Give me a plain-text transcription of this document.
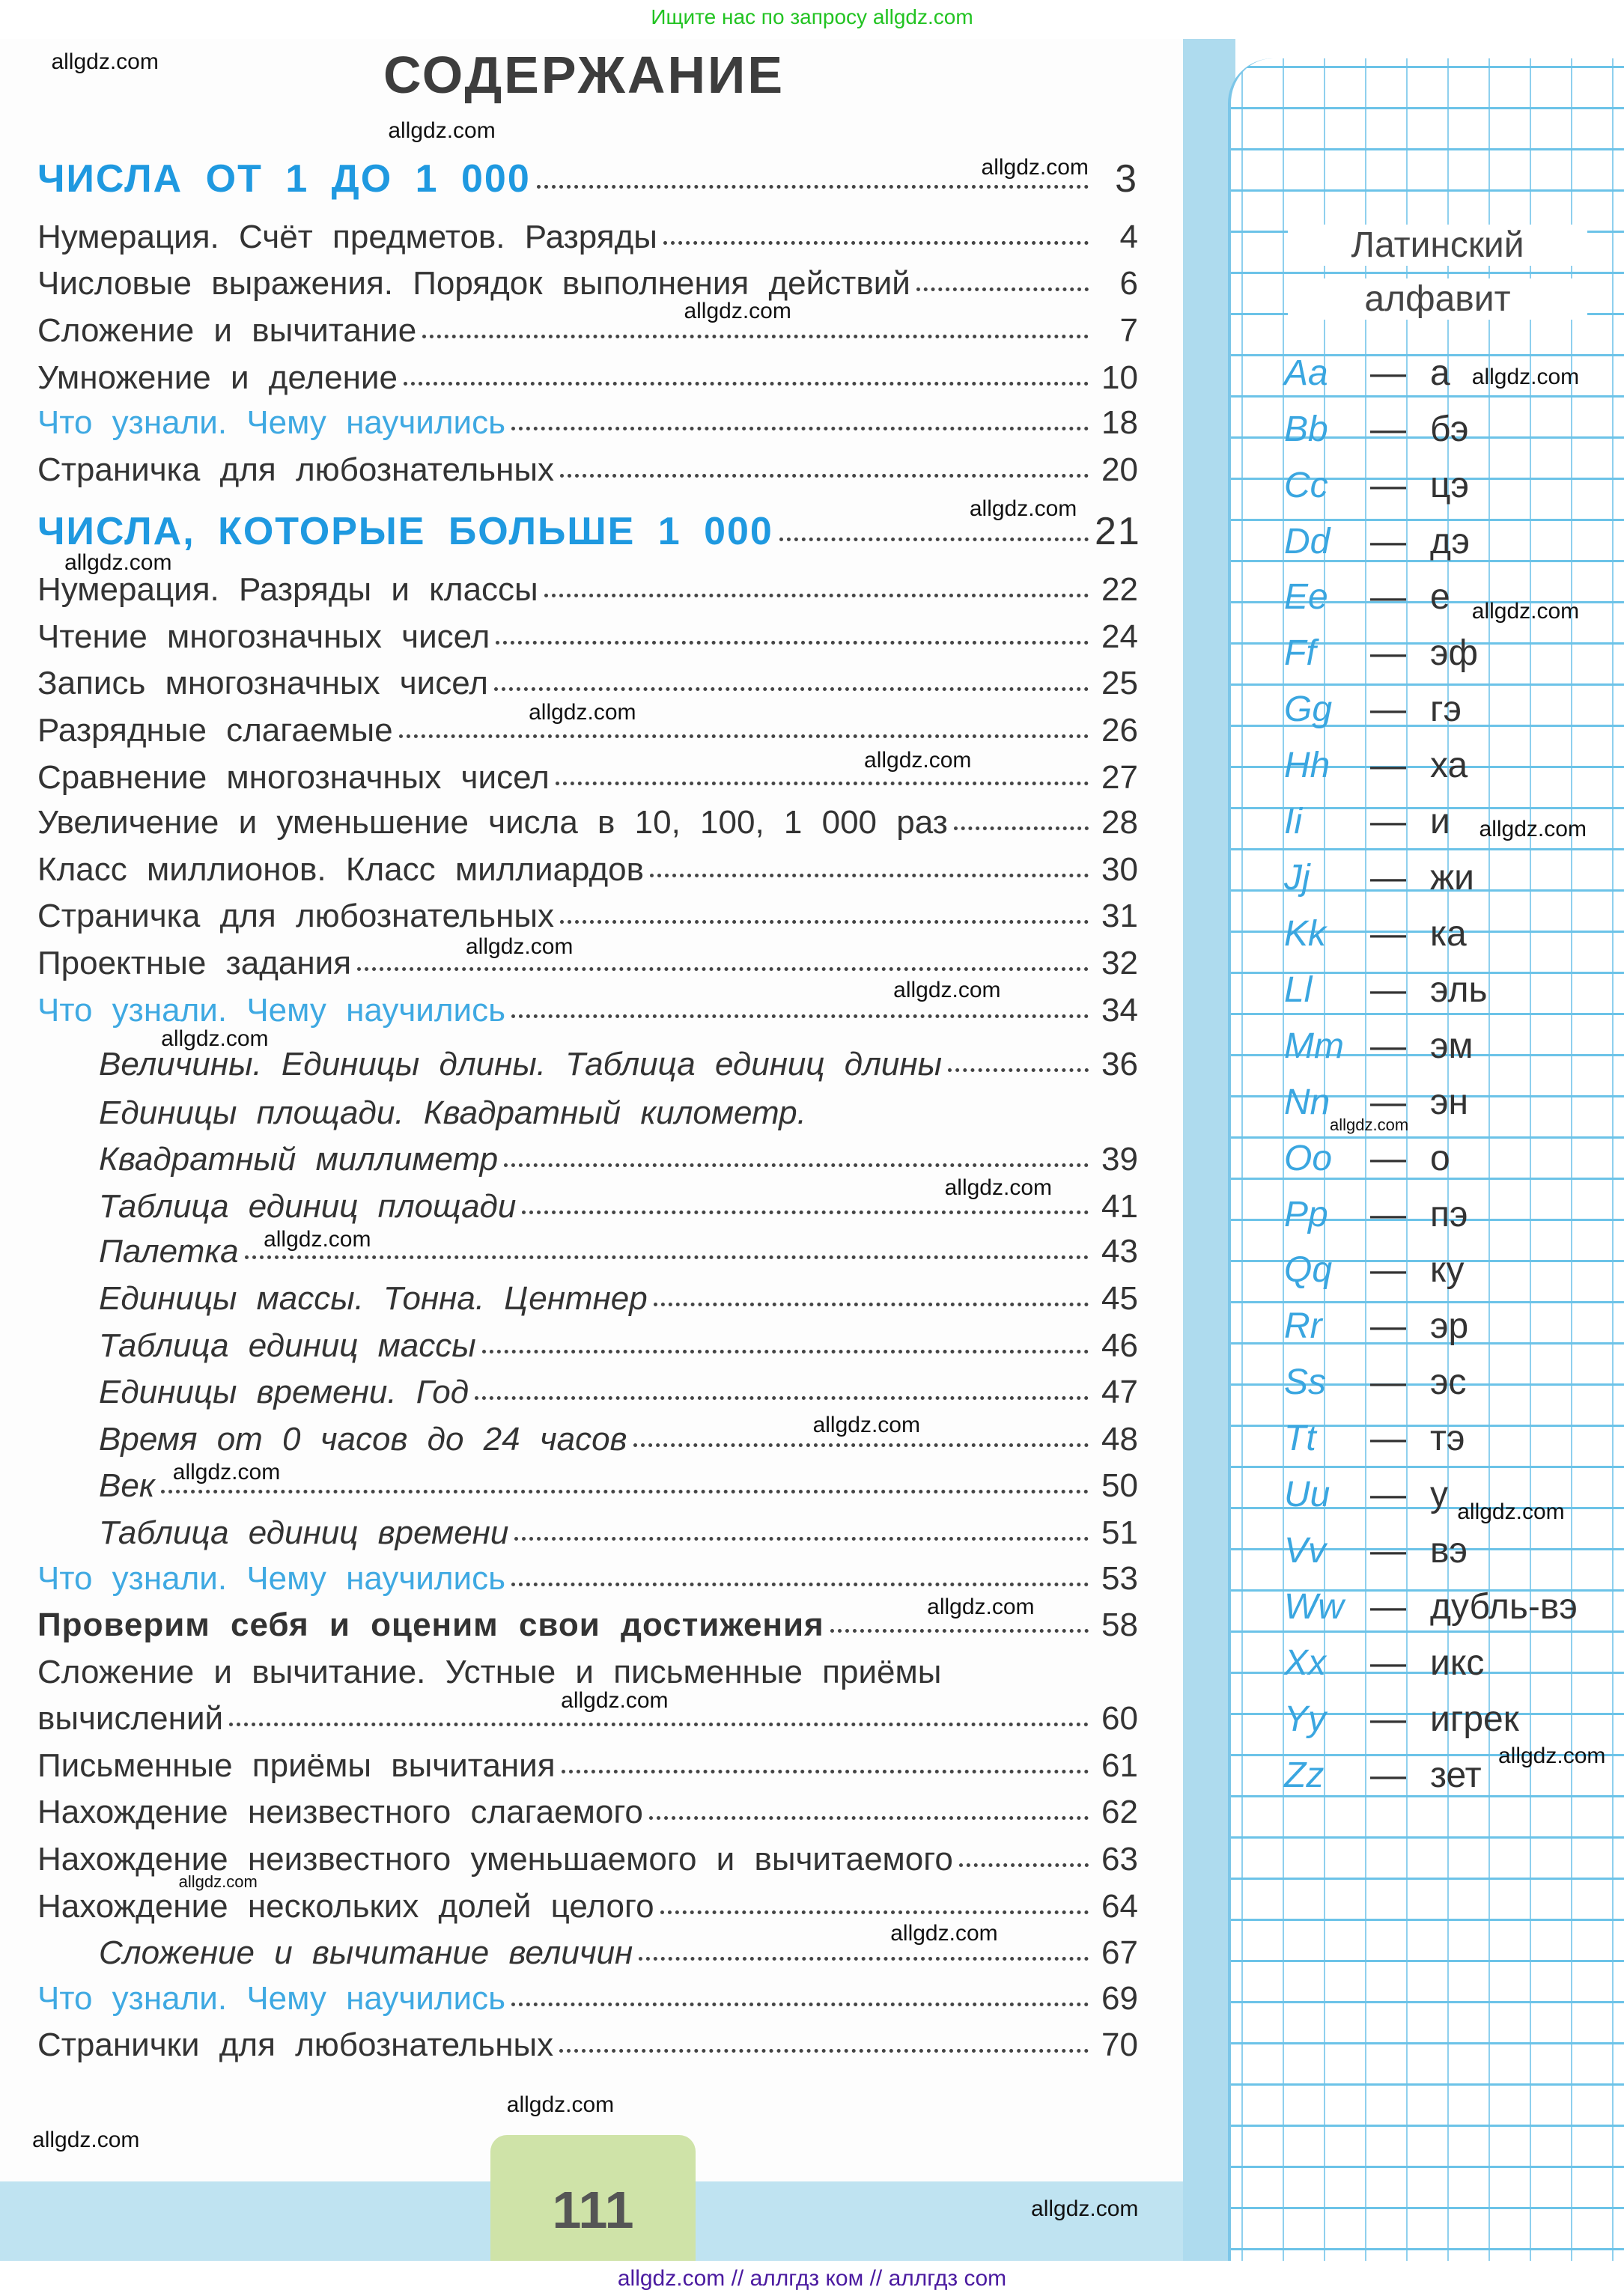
Ищите нас по запросу allgdz.com
СОДЕРЖАНИЕ
ЧИСЛА ОТ 1 ДО 1 000	3
Нумерация. Счёт предметов. Разряды	4
Числовые выражения. Порядок выполнения действий	6
Сложение и вычитание	7
Умножение и деление	10
Что узнали. Чему научились	18
Страничка для любознательных	20
ЧИСЛА, КОТОРЫЕ БОЛЬШЕ 1 000	21
Нумерация. Разряды и классы	22
Чтение многозначных чисел	24
Запись многозначных чисел	25
Разрядные слагаемые	26
Сравнение многозначных чисел	27
Увеличение и уменьшение числа в 10, 100, 1 000 раз	28
Класс миллионов. Класс миллиардов	30
Страничка для любознательных	31
Проектные задания	32
Что узнали. Чему научились	34
Величины. Единицы длины. Таблица единиц длины	36
Единицы площади. Квадратный километр.
Квадратный миллиметр	39
Таблица единиц площади	41
Палетка	43
Единицы массы. Тонна. Центнер	45
Таблица единиц массы	46
Единицы времени. Год	47
Время от 0 часов до 24 часов	48
Век	50
Таблица единиц времени	51
Что узнали. Чему научились	53
Проверим себя и оценим свои достижения	58
Сложение и вычитание. Устные и письменные приёмы
вычислений	60
Письменные приёмы вычитания	61
Нахождение неизвестного слагаемого	62
Нахождение неизвестного уменьшаемого и вычитаемого	63
Нахождение нескольких долей целого	64
Сложение и вычитание величин	67
Что узнали. Чему научились	69
Странички для любознательных	70
Латинский
алфавит
Aa — а
Bb — бэ
Cc — цэ
Dd — дэ
Ee — е
Ff — эф
Gg — гэ
Hh — ха
Ii — и
Jj — жи
Kk — ка
Ll — эль
Mm — эм
Nn — эн
Oo — о
Pp — пэ
Qq — ку
Rr — эр
Ss — эс
Tt — тэ
Uu — у
Vv — вэ
Ww — дубль-вэ
Xx — икс
Yy — игрек
Zz — зет
111
allgdz.com
allgdz.com
allgdz.com
allgdz.com
allgdz.com
allgdz.com
allgdz.com
allgdz.com
allgdz.com
allgdz.com
allgdz.com
allgdz.com
allgdz.com
allgdz.com
allgdz.com
allgdz.com
allgdz.com
allgdz.com
allgdz.com
allgdz.com
allgdz.com
allgdz.com
allgdz.com
allgdz.com
allgdz.com
allgdz.com
allgdz.com
allgdz.com
allgdz.com // аллгдз ком // аллгдз com
